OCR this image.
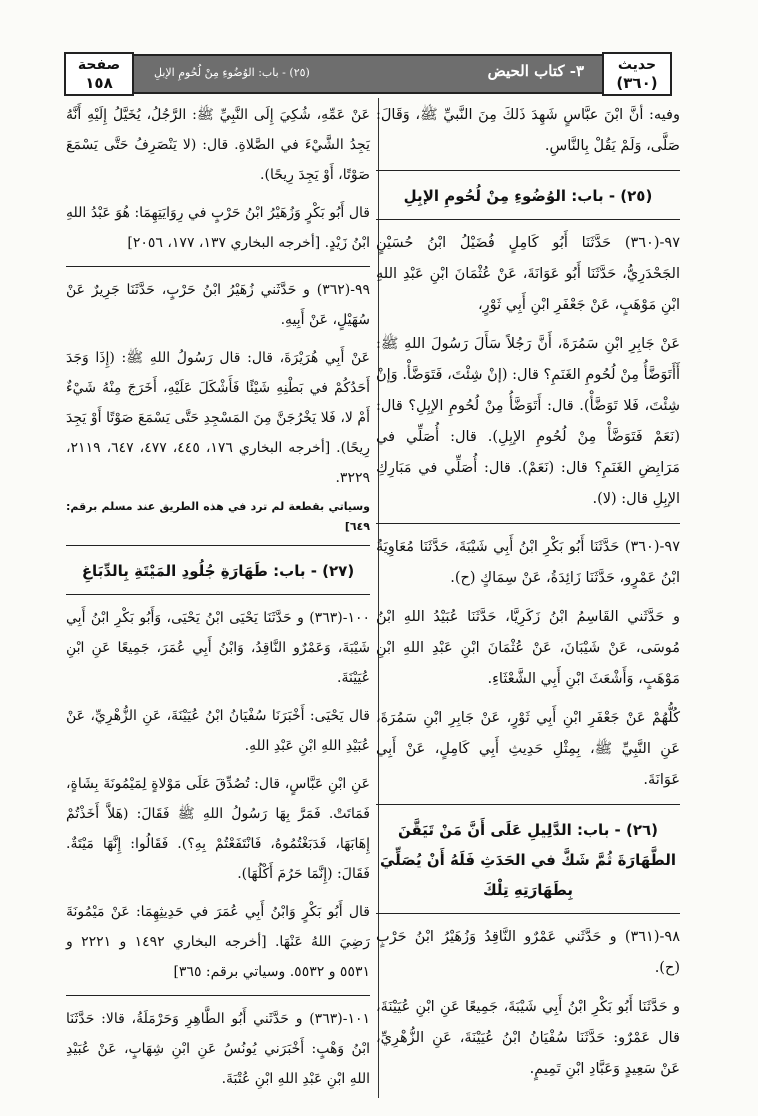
حديث
(٣٦٠)
٣- كتاب الحيض
(٢٥) - باب: الوُضُوءِ مِنْ لُحُومِ الإبلِ
صفحة
١٥٨

وفيه: أنَّ ابْنَ عبَّاسٍ شَهِدَ ذَلكَ مِنَ النَّبيِّ ﷺ، وَقَالَ: صَلَّى، وَلَمْ يَقُلْ بِالنَّاسِ.

(٢٥) - باب: الوُضُوءِ مِنْ لُحُومِ الإبِلِ

٩٧-(٣٦٠) حَدَّثَنَا أَبُو كَامِلٍ فُضَيْلُ ابْنُ حُسَيْنٍ الجَحْدَرِيُّ، حَدَّثَنَا أَبُو عَوَانَةَ، عَنْ عُثْمَانَ ابْنِ عَبْدِ اللهِ ابْنِ مَوْهَبٍ، عَنْ جَعْفَرِ ابْنِ أَبِي ثَوْرٍ،

عَنْ جَابِرِ ابْنِ سَمُرَةَ، أَنَّ رَجُلاً سَأَلَ رَسُولَ اللهِ ﷺ: أَأَتَوَضَّأُ مِنْ لُحُومِ الغَنَمِ؟ قال: (إنْ شِئْتَ، فَتَوَضَّأْ. وَإنْ شِئْتَ، فَلا تَوَضَّأْ). قال: أَتَوَضَّأُ مِنْ لُحُومِ الإبِلِ؟ قال: (نَعَمْ فَتَوَضَّأْ مِنْ لُحُومِ الإبِلِ). قال: أُصَلِّي في مَرَابِضِ الغَنَمِ؟ قال: (نَعَمْ). قال: أُصَلِّي في مَبَارِكِ الإبِلِ قال: (لا).

٩٧-(٣٦٠) حَدَّثَنَا أَبُو بَكْرِ ابْنُ أَبِي شَيْبَةَ، حَدَّثَنَا مُعَاوِيَةُ ابْنُ عَمْرٍو، حَدَّثَنَا زَائِدَةُ، عَنْ سِمَاكٍ (ح).

و حَدَّثَني القَاسِمُ ابْنُ زَكَرِيَّا، حَدَّثَنَا عُبَيْدُ اللهِ ابْنُ مُوسَى، عَنْ شَيْبَانَ، عَنْ عُثْمَانَ ابْنِ عَبْدِ اللهِ ابْنِ مَوْهَبٍ، وَأَشْعَثَ ابْنِ أَبِي الشَّعْثَاءِ.

كُلُّهُمْ عَنْ جَعْفَرِ ابْنِ أَبِي ثَوْرٍ، عَنْ جَابِرِ ابْنِ سَمُرَةَ، عَنِ النَّبِيِّ ﷺ، بِمِثْلِ حَدِيثِ أَبِي كَامِلٍ، عَنْ أَبِي عَوَانَةَ.

(٢٦) - باب: الدَّلِيلِ عَلَى أَنَّ مَنْ تَيَقَّنَ الطَّهَارَةَ ثُمَّ شَكَّ في الحَدَثِ فَلَهُ أَنْ يُصَلِّيَ بِطَهَارَتِهِ تِلْكَ

٩٨-(٣٦١) و حَدَّثَني عَمْرٌو النَّاقِدُ وَزُهَيْرُ ابْنُ حَرْبٍ (ح).

و حَدَّثَنَا أَبُو بَكْرِ ابْنُ أَبِي شَيْبَةَ، جَمِيعًا عَنِ ابْنِ عُيَيْنَةَ، قال عَمْرٌو: حَدَّثَنَا سُفْيَانُ ابْنُ عُيَيْنَةَ، عَنِ الزُّهْرِيِّ، عَنْ سَعِيدٍ وَعَبَّادِ ابْنِ تَمِيمٍ.

عَنْ عَمِّهِ، شُكِيَ إِلَى النَّبِيِّ ﷺ: الرَّجُلُ، يُخَيَّلُ إِلَيْهِ أَنَّهُ يَجِدُ الشَّيْءَ في الصَّلاةِ. قال: (لا يَنْصَرِفُ حَتَّى يَسْمَعَ صَوْتًا، أَوْ يَجِدَ رِيحًا).

قال أَبُو بَكْرٍ وَزُهَيْرُ ابْنُ حَرْبٍ في رِوَايَتِهِمَا: هُوَ عَبْدُ اللهِ ابْنُ زَيْدٍ. [أخرجه البخاري ١٣٧، ١٧٧، ٢٠٥٦]

٩٩-(٣٦٢) و حَدَّثَني زُهَيْرُ ابْنُ حَرْبٍ، حَدَّثَنَا جَرِيرٌ عَنْ سُهَيْلٍ، عَنْ أَبِيهِ.

عَنْ أَبِي هُرَيْرَةَ، قال: قال رَسُولُ اللهِ ﷺ: (إِذَا وَجَدَ أَحَدُكُمْ في بَطْنِهِ شَيْئًا فَأَشْكَلَ عَلَيْهِ، أَخَرَجَ مِنْهُ شَيْءٌ أَمْ لا، فَلا يَخْرُجَنَّ مِنَ المَسْجِدِ حَتَّى يَسْمَعَ صَوْتًا أَوْ يَجِدَ رِيحًا). [أخرجه البخاري ١٧٦، ٤٤٥، ٤٧٧، ٦٤٧، ٢١١٩، ٣٢٢٩.

وسياتي بقطعة لم ترد في هذه الطريق عند مسلم برقم: ٦٤٩]

(٢٧) - باب: طَهَارَةِ جُلُودِ المَيْتَةِ بِالدِّبَاغِ

١٠٠-(٣٦٣) و حَدَّثَنَا يَحْيَى ابْنُ يَحْيَى، وَأَبُو بَكْرِ ابْنُ أَبِي شَيْبَةَ، وَعَمْرٌو النَّاقِدُ، وَابْنُ أَبِي عُمَرَ، جَمِيعًا عَنِ ابْنِ عُيَيْنَةَ.

قال يَحْيَى: أَخْبَرَنَا سُفْيَانُ ابْنُ عُيَيْنَةَ، عَنِ الزُّهْرِيِّ، عَنْ عُبَيْدِ اللهِ ابْنِ عَبْدِ اللهِ.

عَنِ ابْنِ عَبَّاسٍ، قال: تُصُدِّقَ عَلَى مَوْلاةٍ لِمَيْمُونَةَ بِشَاةٍ، فَمَاتَتْ. فَمَرَّ بِهَا رَسُولُ اللهِ ﷺ فَقَالَ: (هَلاَّ أَخَذْتُمْ إِهَابَهَا، فَدَبَغْتُمُوهُ، فَانْتَفَعْتُمْ بِهِ؟). فَقَالُوا: إِنَّهَا مَيْتَةٌ. فَقَالَ: (إِنَّمَا حَرُمَ أَكْلُهَا).

قال أَبُو بَكْرٍ وَابْنُ أَبِي عُمَرَ في حَدِيثِهِمَا: عَنْ مَيْمُونَةَ رَضِيَ اللهُ عَنْهَا. [أخرجه البخاري ١٤٩٢ و ٢٢٢١ و ٥٥٣١ و ٥٥٣٢. وسياتي برقم: ٣٦٥]

١٠١-(٣٦٣) و حَدَّثَني أَبُو الطَّاهِرِ وَحَرْمَلَةُ، قالا: حَدَّثَنَا ابْنُ وَهْبٍ: أَخْبَرَني يُونُسُ عَنِ ابْنِ شِهَابٍ، عَنْ عُبَيْدِ اللهِ ابْنِ عَبْدِ اللهِ ابْنِ عُتْبَةَ.
